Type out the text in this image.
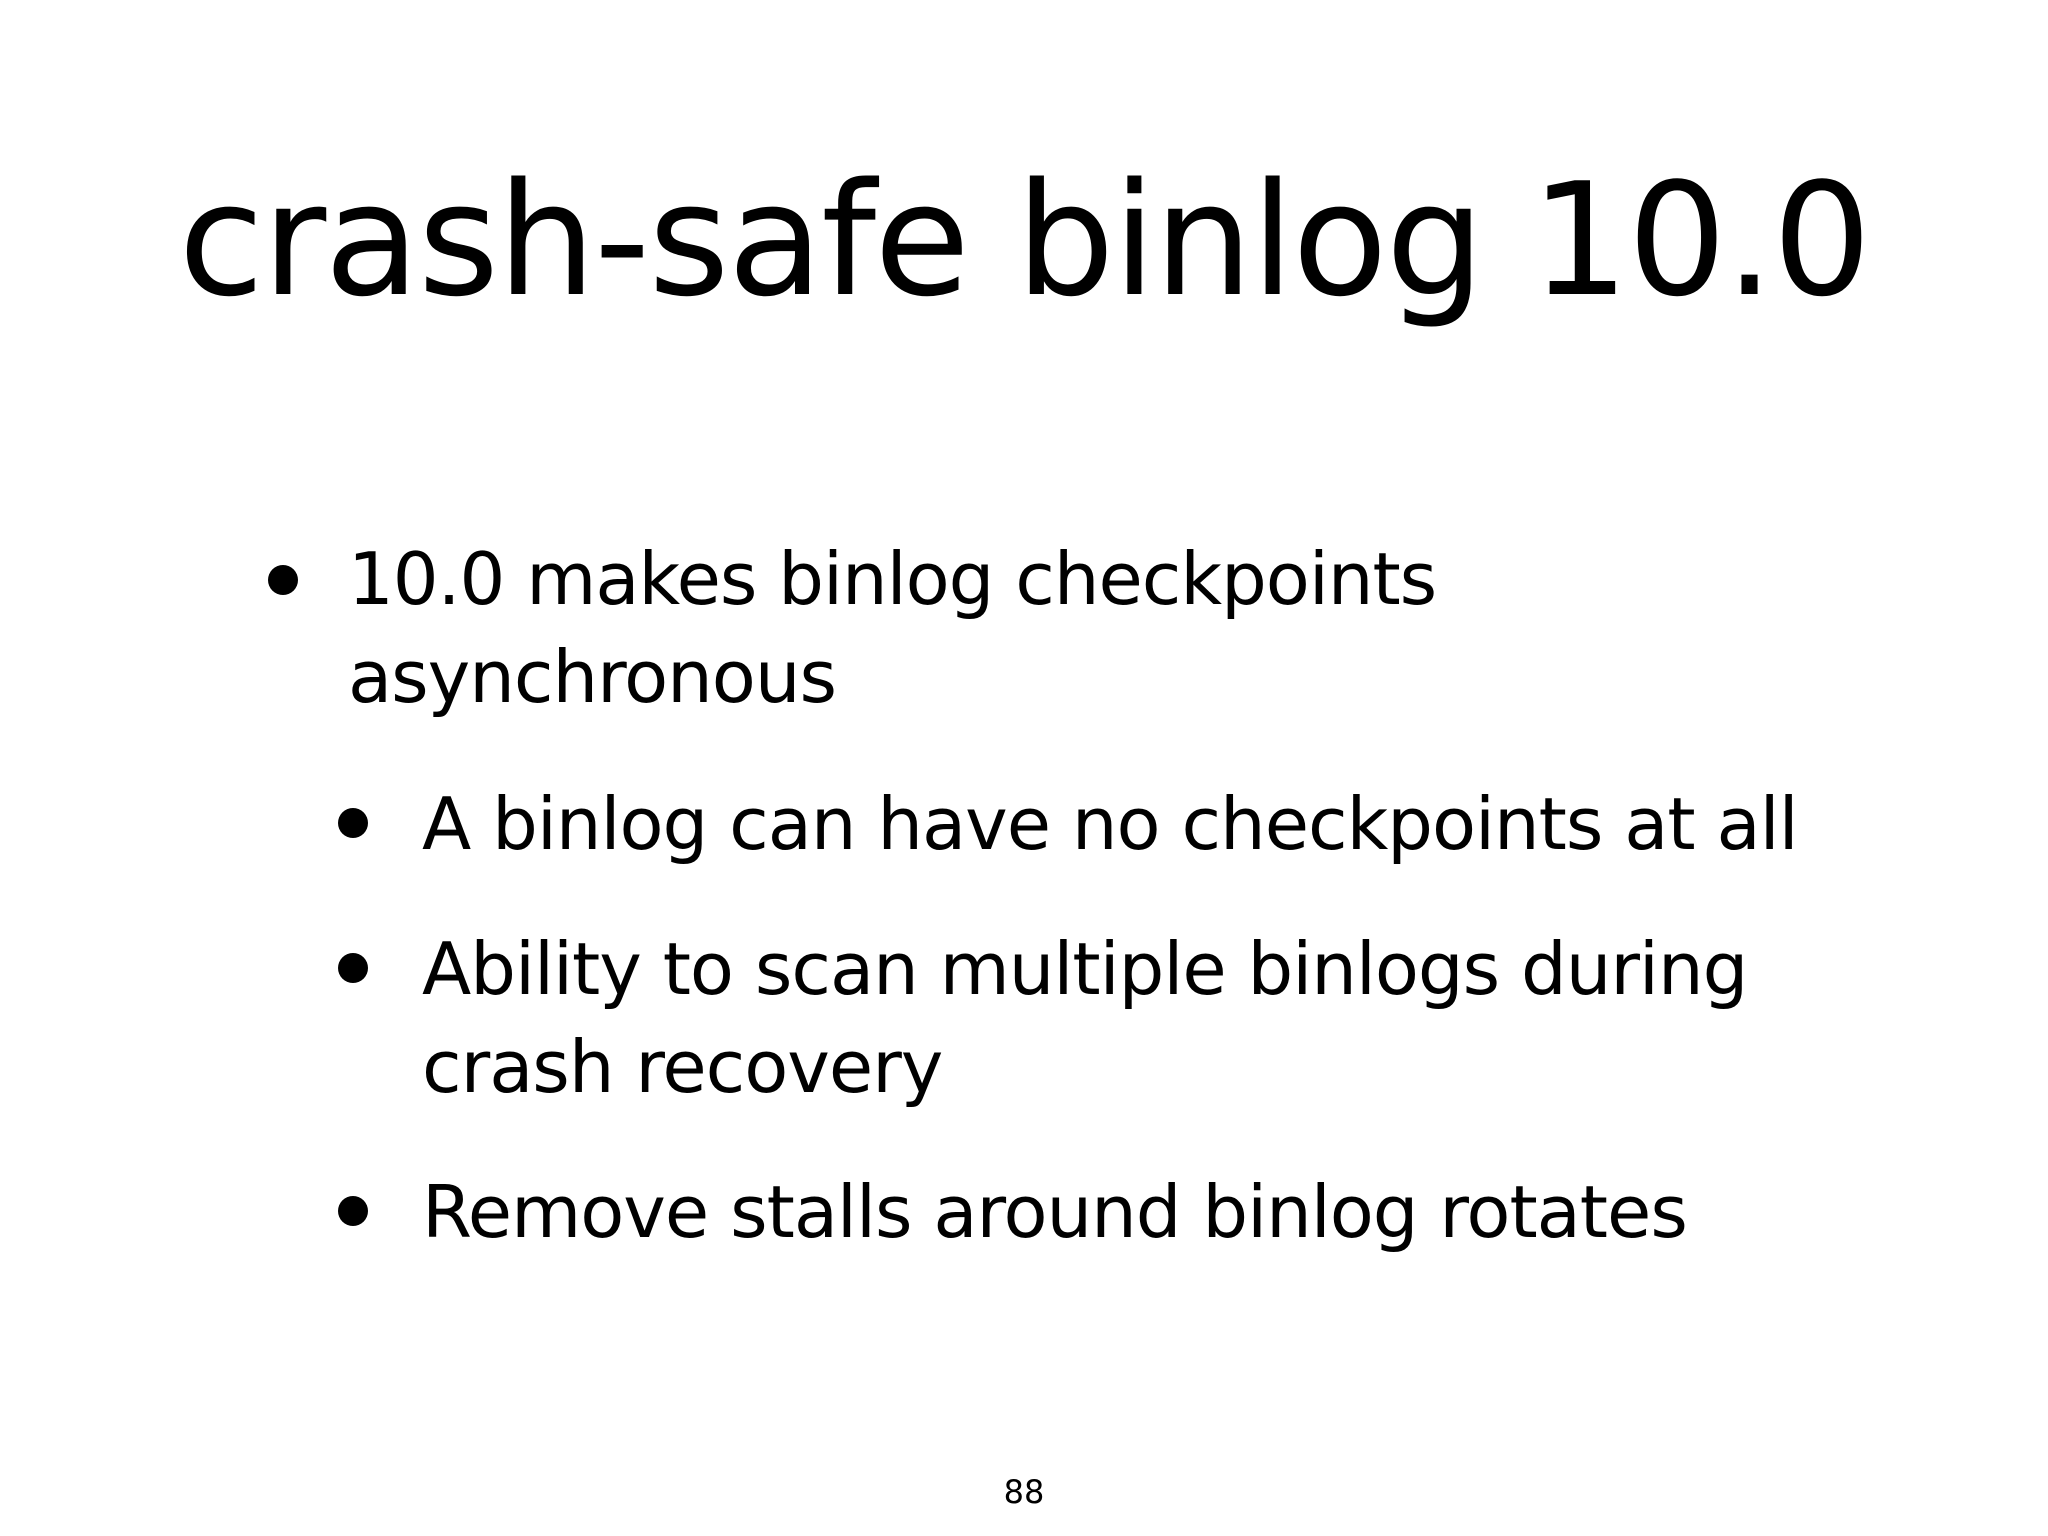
crash-safe binlog 10.0
10.0 makes binlog checkpoints
asynchronous
A binlog can have no checkpoints at all
Ability to scan multiple binlogs during
crash recovery
Remove stalls around binlog rotates
88
